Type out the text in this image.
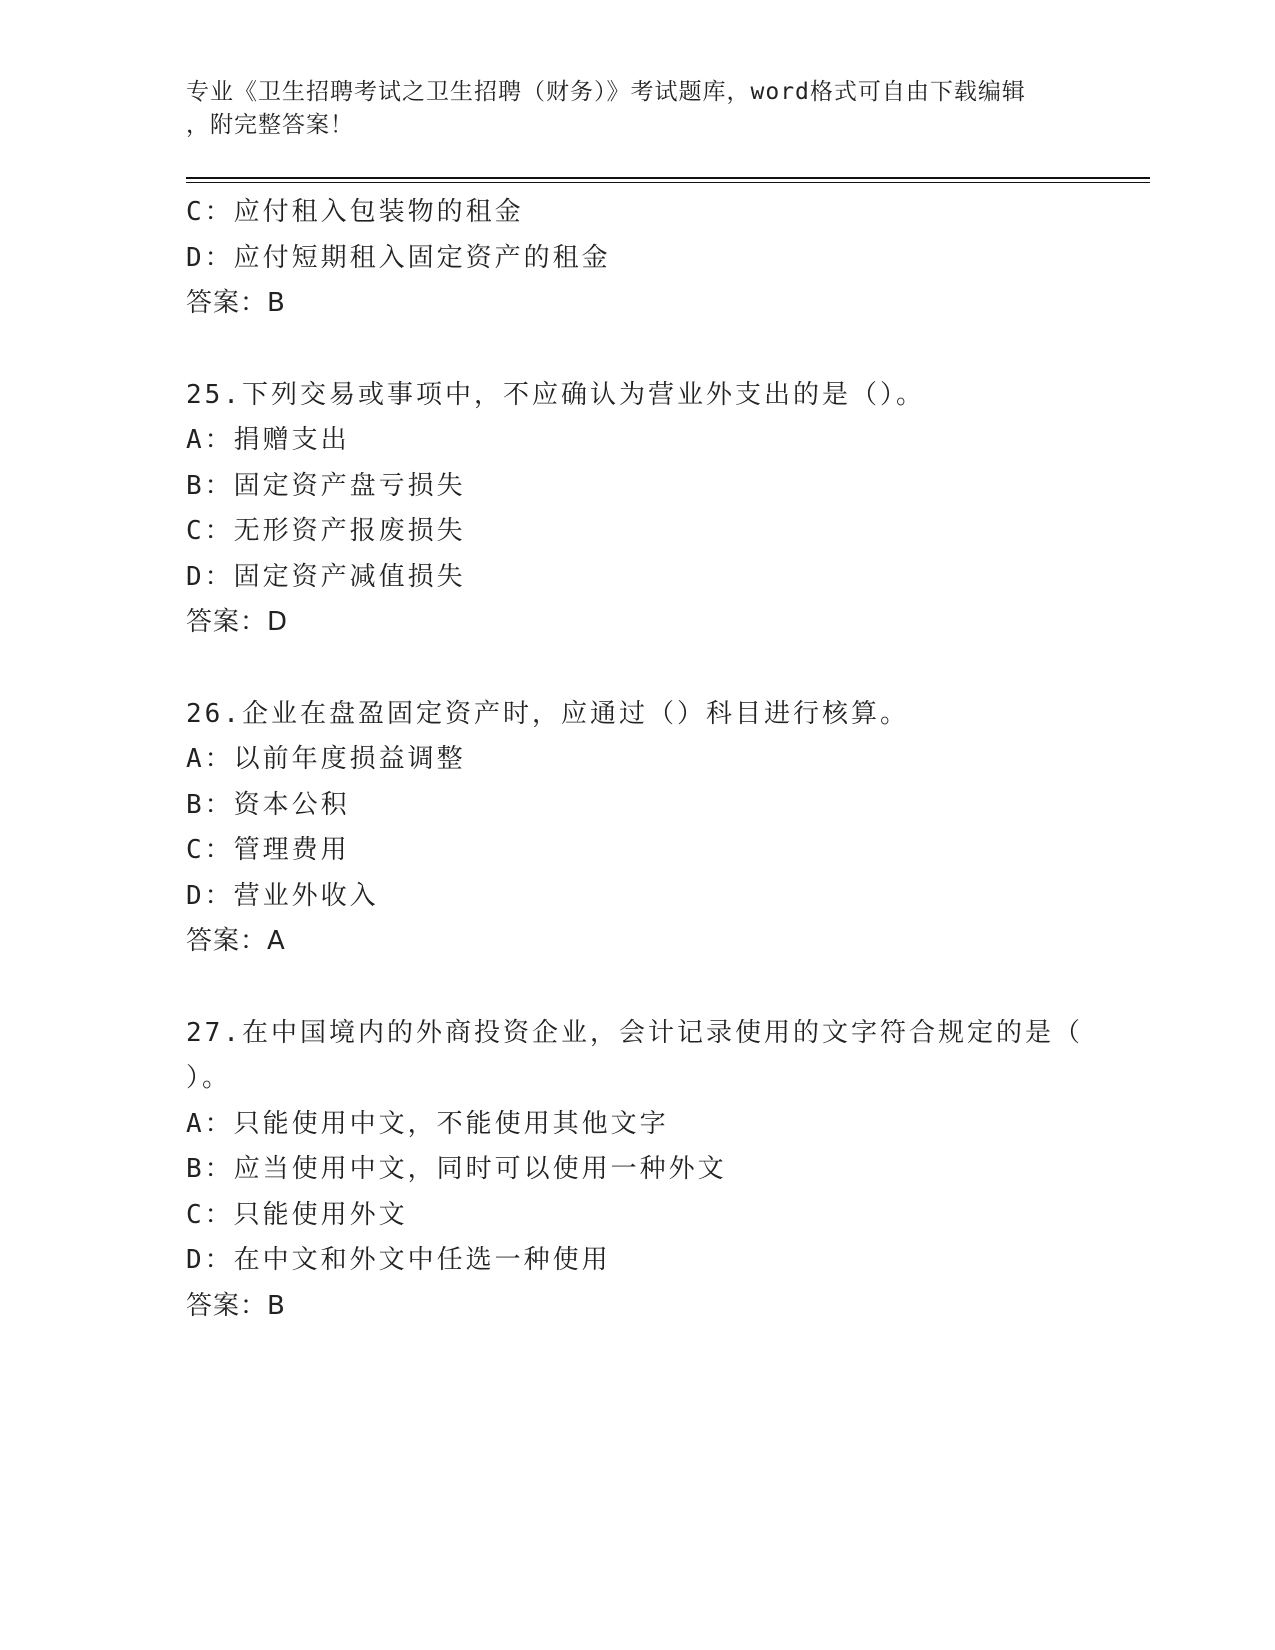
专业《卫生招聘考试之卫生招聘（财务）》考试题库，word格式可自由下载编辑
，附完整答案！
C：应付租入包装物的租金
D：应付短期租入固定资产的租金
答案：B
25.下列交易或事项中，不应确认为营业外支出的是（）。
A：捐赠支出
B：固定资产盘亏损失
C：无形资产报废损失
D：固定资产减值损失
答案：D
26.企业在盘盈固定资产时，应通过（）科目进行核算。
A：以前年度损益调整
B：资本公积
C：管理费用
D：营业外收入
答案：A
27.在中国境内的外商投资企业，会计记录使用的文字符合规定的是（
）。
A：只能使用中文，不能使用其他文字
B：应当使用中文，同时可以使用一种外文
C：只能使用外文
D：在中文和外文中任选一种使用
答案：B
